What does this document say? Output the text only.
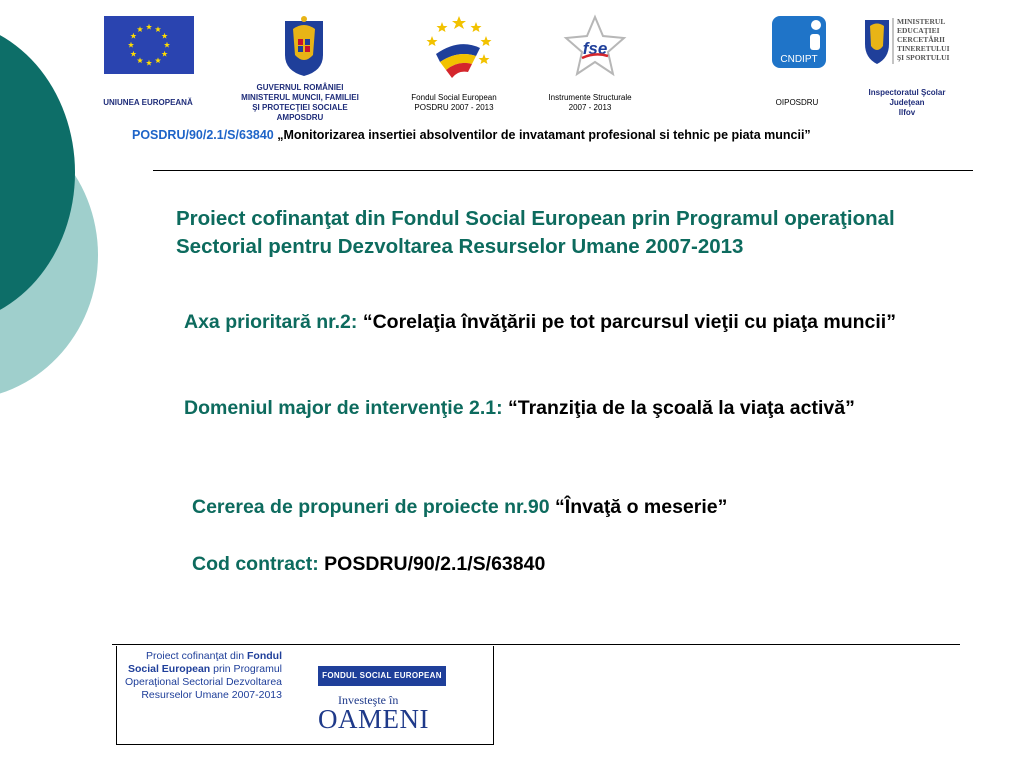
UNIUNEA EUROPEANĂ
GUVERNUL ROMÂNIEI
MINISTERUL MUNCII, FAMILIEI
ŞI PROTECŢIEI SOCIALE
AMPOSDRU
Fondul Social European
POSDRU 2007 - 2013
fse
Instrumente Structurale
2007 - 2013
CNDIPT
OIPOSDRU
MINISTERUL
EDUCAŢIEI
CERCETĂRII
TINERETULUI
ŞI SPORTULUI
Inspectoratul Şcolar
Judeţean
Ilfov
POSDRU/90/2.1/S/63840 „Monitorizarea insertiei absolventilor de invatamant profesional si tehnic pe piata muncii”
Proiect cofinanţat din Fondul Social European prin Programul operaţional Sectorial pentru Dezvoltarea Resurselor Umane 2007-2013
Axa prioritară nr.2: “Corelaţia învăţării pe tot parcursul vieţii cu piaţa muncii”
Domeniul major de intervenţie 2.1: “Tranziţia de la şcoală la viaţa activă”
Cererea de propuneri de proiecte nr.90 “Învaţă o meserie”
Cod contract: POSDRU/90/2.1/S/63840
Proiect cofinanţat din Fondul Social European prin Programul Operaţional Sectorial Dezvoltarea Resurselor Umane 2007-2013
FONDUL SOCIAL EUROPEAN
Investeşte în
OAMENI
